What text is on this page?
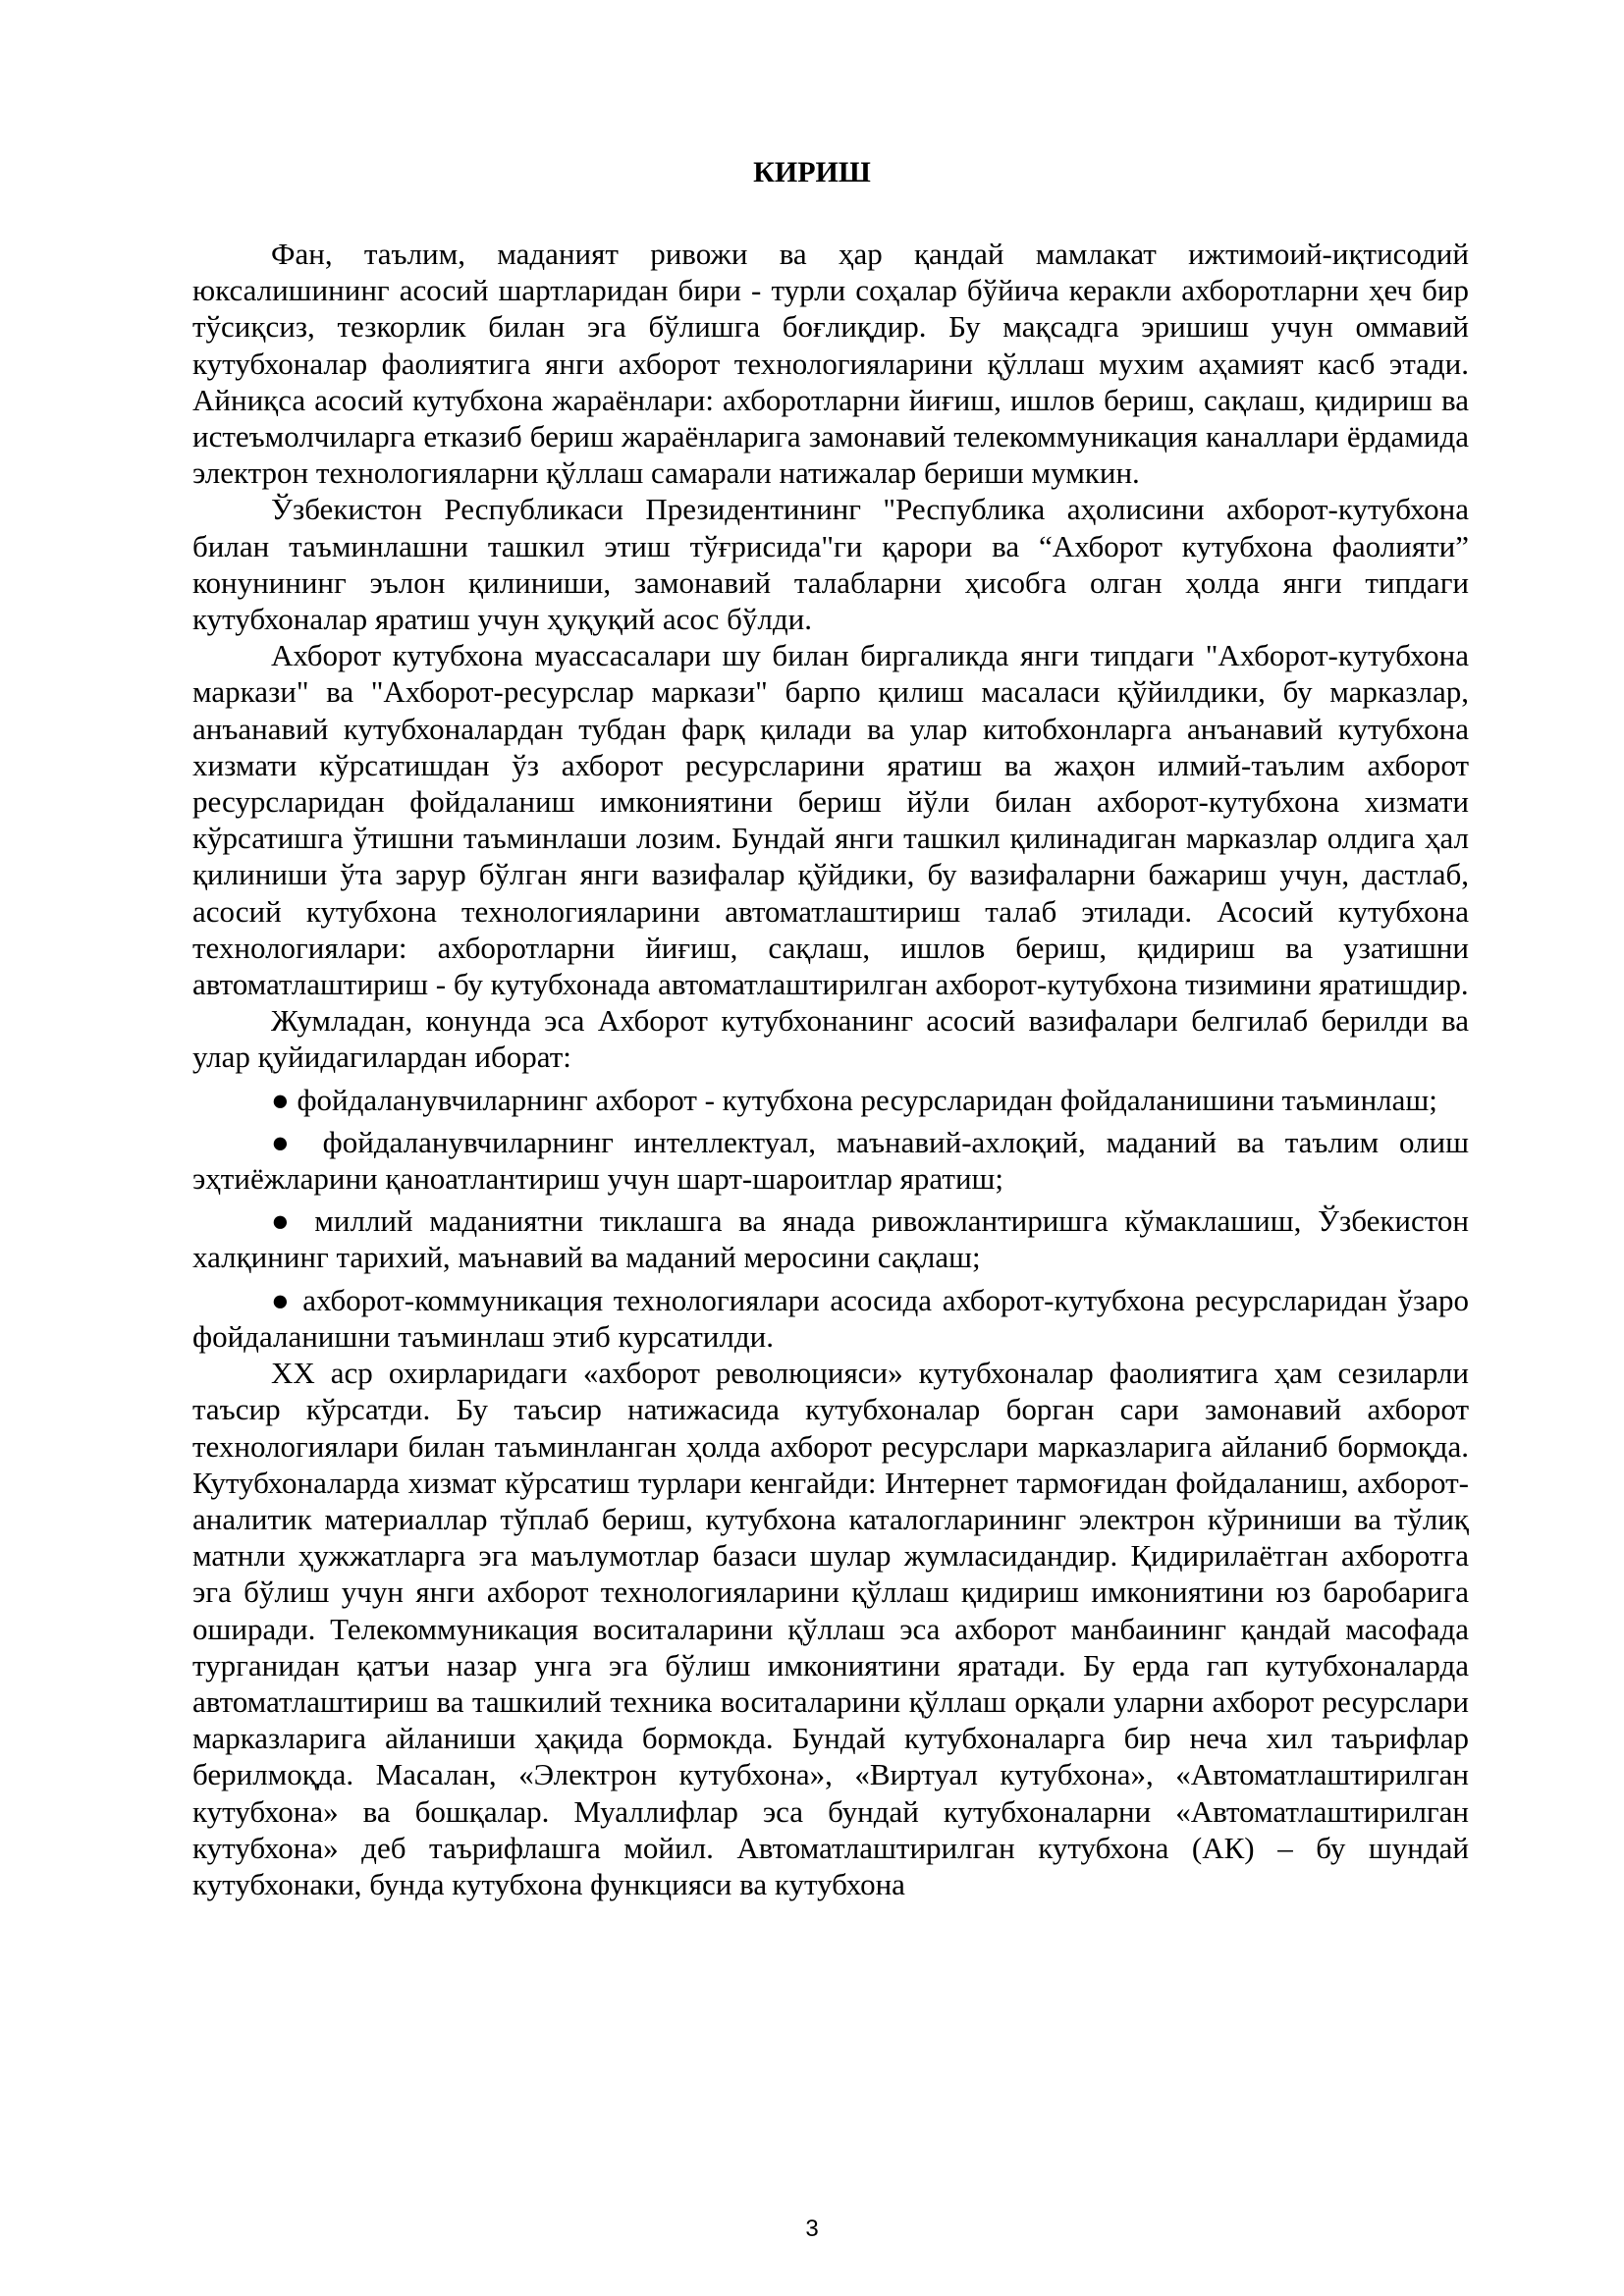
КИРИШ

Фан, таълим, маданият ривожи ва ҳар қандай мамлакат ижтимоий-иқтисодий юксалишининг асосий шартларидан бири - турли соҳалар бўйича керакли ахборотларни ҳеч бир тўсиқсиз, тезкорлик билан эга бўлишга боғлиқдир. Бу мақсадга эришиш учун оммавий кутубхоналар фаолиятига янги ахборот технологияларини қўллаш мухим аҳамият касб этади. Айниқса асосий кутубхона жараёнлари: ахборотларни йиғиш, ишлов бериш, сақлаш, қидириш ва истеъмолчиларга етказиб бериш жараёнларига замонавий телекоммуникация каналлари ёрдамида электрон технологияларни қўллаш самарали натижалар бериши мумкин.

Ўзбекистон Республикаси Президентининг "Республика аҳолисини ахборот-кутубхона билан таъминлашни ташкил этиш тўғрисида"ги қарори ва “Ахборот кутубхона фаолияти” конунининг эълон қилиниши, замонавий талабларни ҳисобга олган ҳолда янги типдаги кутубхоналар яратиш учун ҳуқуқий асос бўлди.

Ахборот кутубхона муассасалари шу билан биргаликда янги типдаги "Ахборот-кутубхона маркази" ва "Ахборот-ресурслар маркази" барпо қилиш масаласи қўйилдики, бу марказлар, анъанавий кутубхоналардан тубдан фарқ қилади ва улар китобхонларга анъанавий кутубхона хизмати кўрсатишдан ўз ахборот ресурсларини яратиш ва жаҳон илмий-таълим ахборот ресурсларидан фойдаланиш имкониятини бериш йўли билан ахборот-кутубхона хизмати кўрсатишга ўтишни таъминлаши лозим. Бундай янги ташкил қилинадиган марказлар олдига ҳал қилиниши ўта зарур бўлган янги вазифалар қўйдики, бу вазифаларни бажариш учун, дастлаб, асосий кутубхона технологияларини автоматлаштириш талаб этилади. Асосий кутубхона технологиялари: ахборотларни йиғиш, сақлаш, ишлов бериш, қидириш ва узатишни автоматлаштириш - бу кутубхонада автоматлаштирилган ахборот-кутубхона тизимини яратишдир.

Жумладан, конунда эса Ахборот кутубхонанинг асосий вазифалари белгилаб берилди ва улар қуйидагилардан иборат:

● фойдаланувчиларнинг ахборот - кутубхона ресурсларидан фойдаланишини таъминлаш;

● фойдаланувчиларнинг интеллектуал, маънавий-ахлоқий, маданий ва таълим олиш эҳтиёжларини қаноатлантириш учун шарт-шароитлар яратиш;

● миллий маданиятни тиклашга ва янада ривожлантиришга кўмаклашиш, Ўзбекистон халқининг тарихий, маънавий ва маданий меросини сақлаш;

● ахборот-коммуникация технологиялари асосида ахборот-кутубхона ресурсларидан ўзаро фойдаланишни таъминлаш этиб курсатилди.

XX аср охирларидаги «ахборот революцияси» кутубхоналар фаолиятига ҳам сезиларли таъсир кўрсатди. Бу таъсир натижасида кутубхоналар борган сари замонавий ахборот технологиялари билан таъминланган ҳолда ахборот ресурслари марказларига айланиб бормоқда. Кутубхоналарда хизмат кўрсатиш турлари кенгайди: Интернет тармоғидан фойдаланиш, ахборот-аналитик материаллар тўплаб бериш, кутубхона каталогларининг электрон кўриниши ва тўлиқ матнли ҳужжатларга эга маълумотлар базаси шулар жумласидандир. Қидирилаётган ахборотга эга бўлиш учун янги ахборот технологияларини қўллаш қидириш имкониятини юз баробарига оширади. Телекоммуникация воситаларини қўллаш эса ахборот манбаининг қандай масофада турганидан қатъи назар унга эга бўлиш имкониятини яратади. Бу ерда гап кутубхоналарда автоматлаштириш ва ташкилий техника воситаларини қўллаш орқали уларни ахборот ресурслари марказларига айланиши ҳақида бормокда. Бундай кутубхоналарга бир неча хил таърифлар берилмоқда. Масалан, «Электрон кутубхона», «Виртуал кутубхона», «Автоматлаштирилган кутубхона» ва бошқалар. Муаллифлар эса бундай кутубхоналарни «Автоматлаштирилган кутубхона» деб таърифлашга мойил. Автоматлаштирилган кутубхона (АК) – бу шундай кутубхонаки, бунда кутубхона функцияси ва кутубхона

3
